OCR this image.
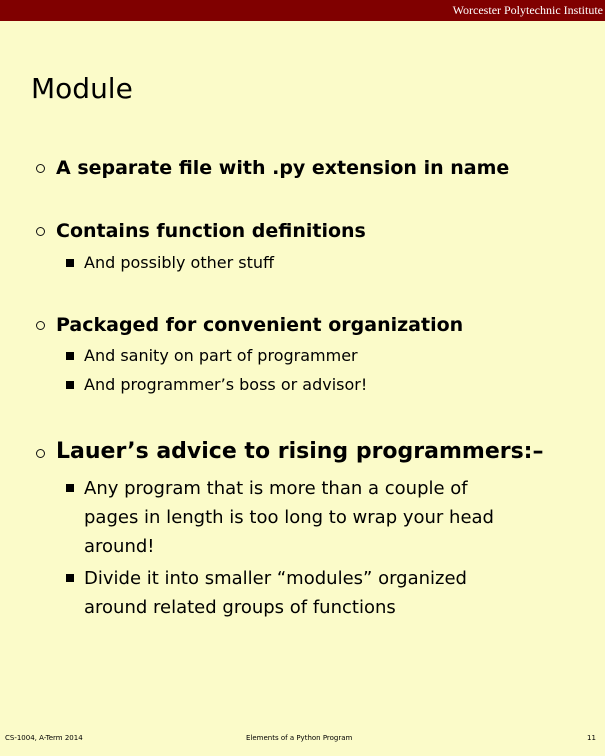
Worcester Polytechnic Institute
Module
A separate file with .py extension in name
Contains function definitions
And possibly other stuff
Packaged for convenient organization
And sanity on part of programmer
And programmer’s boss or advisor!
Lauer’s advice to rising programmers:–
Any program that is more than a couple of
pages in length is too long to wrap your head
around!
Divide it into smaller “modules” organized
around related groups of functions
CS-1004, A-Term 2014	Elements of a Python Program	11
